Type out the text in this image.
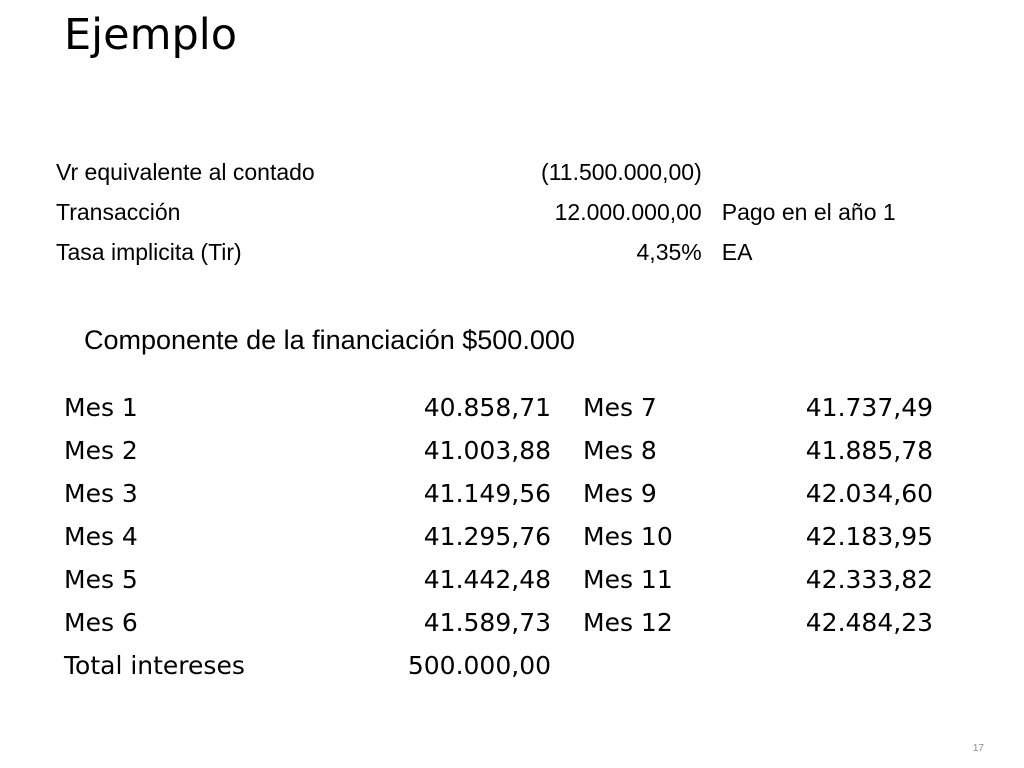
Ejemplo
Vr equivalente al contado	(11.500.000,00)
Transacción	12.000.000,00 Pago en el año 1
Tasa implicita (Tir)	4,35% EA

Componente de la financiación $500.000

Mes 1	40.858,71	Mes 7	41.737,49
Mes 2	41.003,88	Mes 8	41.885,78
Mes 3	41.149,56	Mes 9	42.034,60
Mes 4	41.295,76	Mes 10	42.183,95
Mes 5	41.442,48	Mes 11	42.333,82
Mes 6	41.589,73	Mes 12	42.484,23
Total intereses	500.000,00
17
